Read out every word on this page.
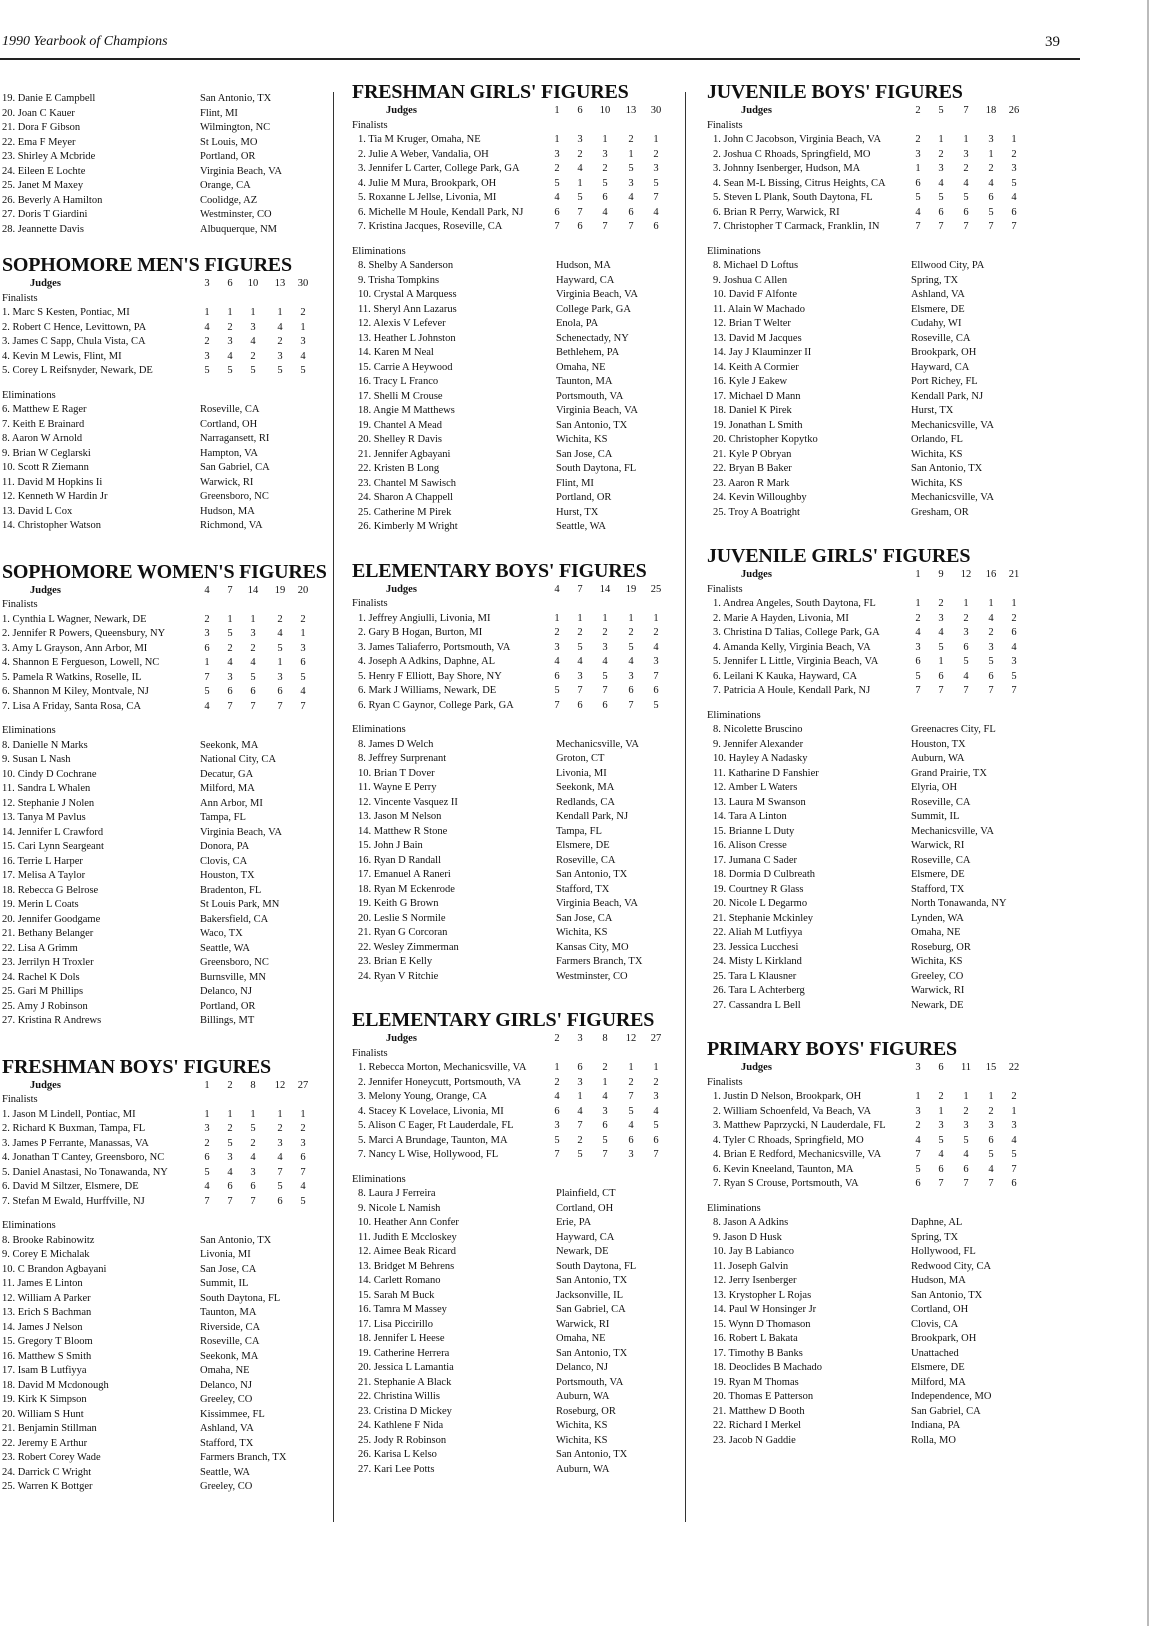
1990 Yearbook of Champions	39
19. Danie E Campbell	San Antonio, TX
20. Joan C Kauer	Flint, MI
21. Dora F Gibson	Wilmington, NC
22. Ema F Meyer	St Louis, MO
23. Shirley A Mcbride	Portland, OR
24. Eileen E Lochte	Virginia Beach, VA
25. Janet M Maxey	Orange, CA
26. Beverly A Hamilton	Coolidge, AZ
27. Doris T Giardini	Westminster, CO
28. Jeannette Davis	Albuquerque, NM
SOPHOMORE MEN'S FIGURES
Judges	3	6	10	13	30
Finalists
1. Marc S Kesten, Pontiac, MI	1	1	1	1	2
2. Robert C Hence, Levittown, PA	4	2	3	4	1
3. James C Sapp, Chula Vista, CA	2	3	4	2	3
4. Kevin M Lewis, Flint, MI	3	4	2	3	4
5. Corey L Reifsnyder, Newark, DE	5	5	5	5	5
Eliminations
6. Matthew E Rager	Roseville, CA
7. Keith E Brainard	Cortland, OH
8. Aaron W Arnold	Narragansett, RI
9. Brian W Ceglarski	Hampton, VA
10. Scott R Ziemann	San Gabriel, CA
11. David M Hopkins Ii	Warwick, RI
12. Kenneth W Hardin Jr	Greensboro, NC
13. David L Cox	Hudson, MA
14. Christopher Watson	Richmond, VA
SOPHOMORE WOMEN'S FIGURES
Judges	4	7	14	19	20
Finalists
1. Cynthia L Wagner, Newark, DE	2	1	1	2	2
2. Jennifer R Powers, Queensbury, NY	3	5	3	4	1
3. Amy L Grayson, Ann Arbor, MI	6	2	2	5	3
4. Shannon E Fergueson, Lowell, NC	1	4	4	1	6
5. Pamela R Watkins, Roselle, IL	7	3	5	3	5
6. Shannon M Kiley, Montvale, NJ	5	6	6	6	4
7. Lisa A Friday, Santa Rosa, CA	4	7	7	7	7
Eliminations
8. Danielle N Marks	Seekonk, MA
9. Susan L Nash	National City, CA
10. Cindy D Cochrane	Decatur, GA
11. Sandra L Whalen	Milford, MA
12. Stephanie J Nolen	Ann Arbor, MI
13. Tanya M Pavlus	Tampa, FL
14. Jennifer L Crawford	Virginia Beach, VA
15. Cari Lynn Seargeant	Donora, PA
16. Terrie L Harper	Clovis, CA
17. Melisa A Taylor	Houston, TX
18. Rebecca G Belrose	Bradenton, FL
19. Merin L Coats	St Louis Park, MN
20. Jennifer Goodgame	Bakersfield, CA
21. Bethany Belanger	Waco, TX
22. Lisa A Grimm	Seattle, WA
23. Jerrilyn H Troxler	Greensboro, NC
24. Rachel K Dols	Burnsville, MN
25. Gari M Phillips	Delanco, NJ
25. Amy J Robinson	Portland, OR
27. Kristina R Andrews	Billings, MT
FRESHMAN BOYS' FIGURES
Judges	1	2	8	12	27
Finalists
1. Jason M Lindell, Pontiac, MI	1	1	1	1	1
2. Richard K Buxman, Tampa, FL	3	2	5	2	2
3. James P Ferrante, Manassas, VA	2	5	2	3	3
4. Jonathan T Cantey, Greensboro, NC	6	3	4	4	6
5. Daniel Anastasi, No Tonawanda, NY	5	4	3	7	7
6. David M Siltzer, Elsmere, DE	4	6	6	5	4
7. Stefan M Ewald, Hurffville, NJ	7	7	7	6	5
Eliminations
8. Brooke Rabinowitz	San Antonio, TX
9. Corey E Michalak	Livonia, MI
10. C Brandon Agbayani	San Jose, CA
11. James E Linton	Summit, IL
12. William A Parker	South Daytona, FL
13. Erich S Bachman	Taunton, MA
14. James J Nelson	Riverside, CA
15. Gregory T Bloom	Roseville, CA
16. Matthew S Smith	Seekonk, MA
17. Isam B Lutfiyya	Omaha, NE
18. David M Mcdonough	Delanco, NJ
19. Kirk K Simpson	Greeley, CO
20. William S Hunt	Kissimmee, FL
21. Benjamin Stillman	Ashland, VA
22. Jeremy E Arthur	Stafford, TX
23. Robert Corey Wade	Farmers Branch, TX
24. Darrick C Wright	Seattle, WA
25. Warren K Bottger	Greeley, CO
FRESHMAN GIRLS' FIGURES
Judges	1	6	10	13	30
Finalists
1. Tia M Kruger, Omaha, NE	1	3	1	2	1
2. Julie A Weber, Vandalia, OH	3	2	3	1	2
3. Jennifer L Carter, College Park, GA	2	4	2	5	3
4. Julie M Mura, Brookpark, OH	5	1	5	3	5
5. Roxanne L Jellse, Livonia, MI	4	5	6	4	7
6. Michelle M Houle, Kendall Park, NJ	6	7	4	6	4
7. Kristina Jacques, Roseville, CA	7	6	7	7	6
Eliminations
8. Shelby A Sanderson	Hudson, MA
9. Trisha Tompkins	Hayward, CA
10. Crystal A Marquess	Virginia Beach, VA
11. Sheryl Ann Lazarus	College Park, GA
12. Alexis V Lefever	Enola, PA
13. Heather L Johnston	Schenectady, NY
14. Karen M Neal	Bethlehem, PA
15. Carrie A Heywood	Omaha, NE
16. Tracy L Franco	Taunton, MA
17. Shelli M Crouse	Portsmouth, VA
18. Angie M Matthews	Virginia Beach, VA
19. Chantel A Mead	San Antonio, TX
20. Shelley R Davis	Wichita, KS
21. Jennifer Agbayani	San Jose, CA
22. Kristen B Long	South Daytona, FL
23. Chantel M Sawisch	Flint, MI
24. Sharon A Chappell	Portland, OR
25. Catherine M Pirek	Hurst, TX
26. Kimberly M Wright	Seattle, WA
ELEMENTARY BOYS' FIGURES
Judges	4	7	14	19	25
Finalists
1. Jeffrey Angiulli, Livonia, MI	1	1	1	1	1
2. Gary B Hogan, Burton, MI	2	2	2	2	2
3. James Taliaferro, Portsmouth, VA	3	5	3	5	4
4. Joseph A Adkins, Daphne, AL	4	4	4	4	3
5. Henry F Elliott, Bay Shore, NY	6	3	5	3	7
6. Mark J Williams, Newark, DE	5	7	7	6	6
6. Ryan C Gaynor, College Park, GA	7	6	6	7	5
Eliminations
8. James D Welch	Mechanicsville, VA
8. Jeffrey Surprenant	Groton, CT
10. Brian T Dover	Livonia, MI
11. Wayne E Perry	Seekonk, MA
12. Vincente Vasquez II	Redlands, CA
13. Jason M Nelson	Kendall Park, NJ
14. Matthew R Stone	Tampa, FL
15. John J Bain	Elsmere, DE
16. Ryan D Randall	Roseville, CA
17. Emanuel A Raneri	San Antonio, TX
18. Ryan M Eckenrode	Stafford, TX
19. Keith G Brown	Virginia Beach, VA
20. Leslie S Normile	San Jose, CA
21. Ryan G Corcoran	Wichita, KS
22. Wesley Zimmerman	Kansas City, MO
23. Brian E Kelly	Farmers Branch, TX
24. Ryan V Ritchie	Westminster, CO
ELEMENTARY GIRLS' FIGURES
Judges	2	3	8	12	27
Finalists
1. Rebecca Morton, Mechanicsville, VA	1	6	2	1	1
2. Jennifer Honeycutt, Portsmouth, VA	2	3	1	2	2
3. Melony Young, Orange, CA	4	1	4	7	3
4. Stacey K Lovelace, Livonia, MI	6	4	3	5	4
5. Alison C Eager, Ft Lauderdale, FL	3	7	6	4	5
5. Marci A Brundage, Taunton, MA	5	2	5	6	6
7. Nancy L Wise, Hollywood, FL	7	5	7	3	7
Eliminations
8. Laura J Ferreira	Plainfield, CT
9. Nicole L Namish	Cortland, OH
10. Heather Ann Confer	Erie, PA
11. Judith E Mccloskey	Hayward, CA
12. Aimee Beak Ricard	Newark, DE
13. Bridget M Behrens	South Daytona, FL
14. Carlett Romano	San Antonio, TX
15. Sarah M Buck	Jacksonville, IL
16. Tamra M Massey	San Gabriel, CA
17. Lisa Piccirillo	Warwick, RI
18. Jennifer L Heese	Omaha, NE
19. Catherine Herrera	San Antonio, TX
20. Jessica L Lamantia	Delanco, NJ
21. Stephanie A Black	Portsmouth, VA
22. Christina Willis	Auburn, WA
23. Cristina D Mickey	Roseburg, OR
24. Kathlene F Nida	Wichita, KS
25. Jody R Robinson	Wichita, KS
26. Karisa L Kelso	San Antonio, TX
27. Kari Lee Potts	Auburn, WA
JUVENILE BOYS' FIGURES
Judges	2	5	7	18	26
Finalists
1. John C Jacobson, Virginia Beach, VA	2	1	1	3	1
2. Joshua C Rhoads, Springfield, MO	3	2	3	1	2
3. Johnny Isenberger, Hudson, MA	1	3	2	2	3
4. Sean M-L Bissing, Citrus Heights, CA	6	4	4	4	5
5. Steven L Plank, South Daytona, FL	5	5	5	6	4
6. Brian R Perry, Warwick, RI	4	6	6	5	6
7. Christopher T Carmack, Franklin, IN	7	7	7	7	7
Eliminations
8. Michael D Loftus	Ellwood City, PA
9. Joshua C Allen	Spring, TX
10. David F Alfonte	Ashland, VA
11. Alain W Machado	Elsmere, DE
12. Brian T Welter	Cudahy, WI
13. David M Jacques	Roseville, CA
14. Jay J Klauminzer II	Brookpark, OH
14. Keith A Cormier	Hayward, CA
16. Kyle J Eakew	Port Richey, FL
17. Michael D Mann	Kendall Park, NJ
18. Daniel K Pirek	Hurst, TX
19. Jonathan L Smith	Mechanicsville, VA
20. Christopher Kopytko	Orlando, FL
21. Kyle P Obryan	Wichita, KS
22. Bryan B Baker	San Antonio, TX
23. Aaron R Mark	Wichita, KS
24. Kevin Willoughby	Mechanicsville, VA
25. Troy A Boatright	Gresham, OR
JUVENILE GIRLS' FIGURES
Judges	1	9	12	16	21
Finalists
1. Andrea Angeles, South Daytona, FL	1	2	1	1	1
2. Marie A Hayden, Livonia, MI	2	3	2	4	2
3. Christina D Talias, College Park, GA	4	4	3	2	6
4. Amanda Kelly, Virginia Beach, VA	3	5	6	3	4
5. Jennifer L Little, Virginia Beach, VA	6	1	5	5	3
6. Leilani K Kauka, Hayward, CA	5	6	4	6	5
7. Patricia A Houle, Kendall Park, NJ	7	7	7	7	7
Eliminations
8. Nicolette Bruscino	Greenacres City, FL
9. Jennifer Alexander	Houston, TX
10. Hayley A Nadasky	Auburn, WA
11. Katharine D Fanshier	Grand Prairie, TX
12. Amber L Waters	Elyria, OH
13. Laura M Swanson	Roseville, CA
14. Tara A Linton	Summit, IL
15. Brianne L Duty	Mechanicsville, VA
16. Alison Cresse	Warwick, RI
17. Jumana C Sader	Roseville, CA
18. Dormia D Culbreath	Elsmere, DE
19. Courtney R Glass	Stafford, TX
20. Nicole L Degarmo	North Tonawanda, NY
21. Stephanie Mckinley	Lynden, WA
22. Aliah M Lutfiyya	Omaha, NE
23. Jessica Lucchesi	Roseburg, OR
24. Misty L Kirkland	Wichita, KS
25. Tara L Klausner	Greeley, CO
26. Tara L Achterberg	Warwick, RI
27. Cassandra L Bell	Newark, DE
PRIMARY BOYS' FIGURES
Judges	3	6	11	15	22
Finalists
1. Justin D Nelson, Brookpark, OH	1	2	1	1	2
2. William Schoenfeld, Va Beach, VA	3	1	2	2	1
3. Matthew Paprzycki, N Lauderdale, FL	2	3	3	3	3
4. Tyler C Rhoads, Springfield, MO	4	5	5	6	4
4. Brian E Redford, Mechanicsville, VA	7	4	4	5	5
6. Kevin Kneeland, Taunton, MA	5	6	6	4	7
7. Ryan S Crouse, Portsmouth, VA	6	7	7	7	6
Eliminations
8. Jason A Adkins	Daphne, AL
9. Jason D Husk	Spring, TX
10. Jay B Labianco	Hollywood, FL
11. Joseph Galvin	Redwood City, CA
12. Jerry Isenberger	Hudson, MA
13. Krystopher L Rojas	San Antonio, TX
14. Paul W Honsinger Jr	Cortland, OH
15. Wynn D Thomason	Clovis, CA
16. Robert L Bakata	Brookpark, OH
17. Timothy B Banks	Unattached
18. Deoclides B Machado	Elsmere, DE
19. Ryan M Thomas	Milford, MA
20. Thomas E Patterson	Independence, MO
21. Matthew D Booth	San Gabriel, CA
22. Richard I Merkel	Indiana, PA
23. Jacob N Gaddie	Rolla, MO
